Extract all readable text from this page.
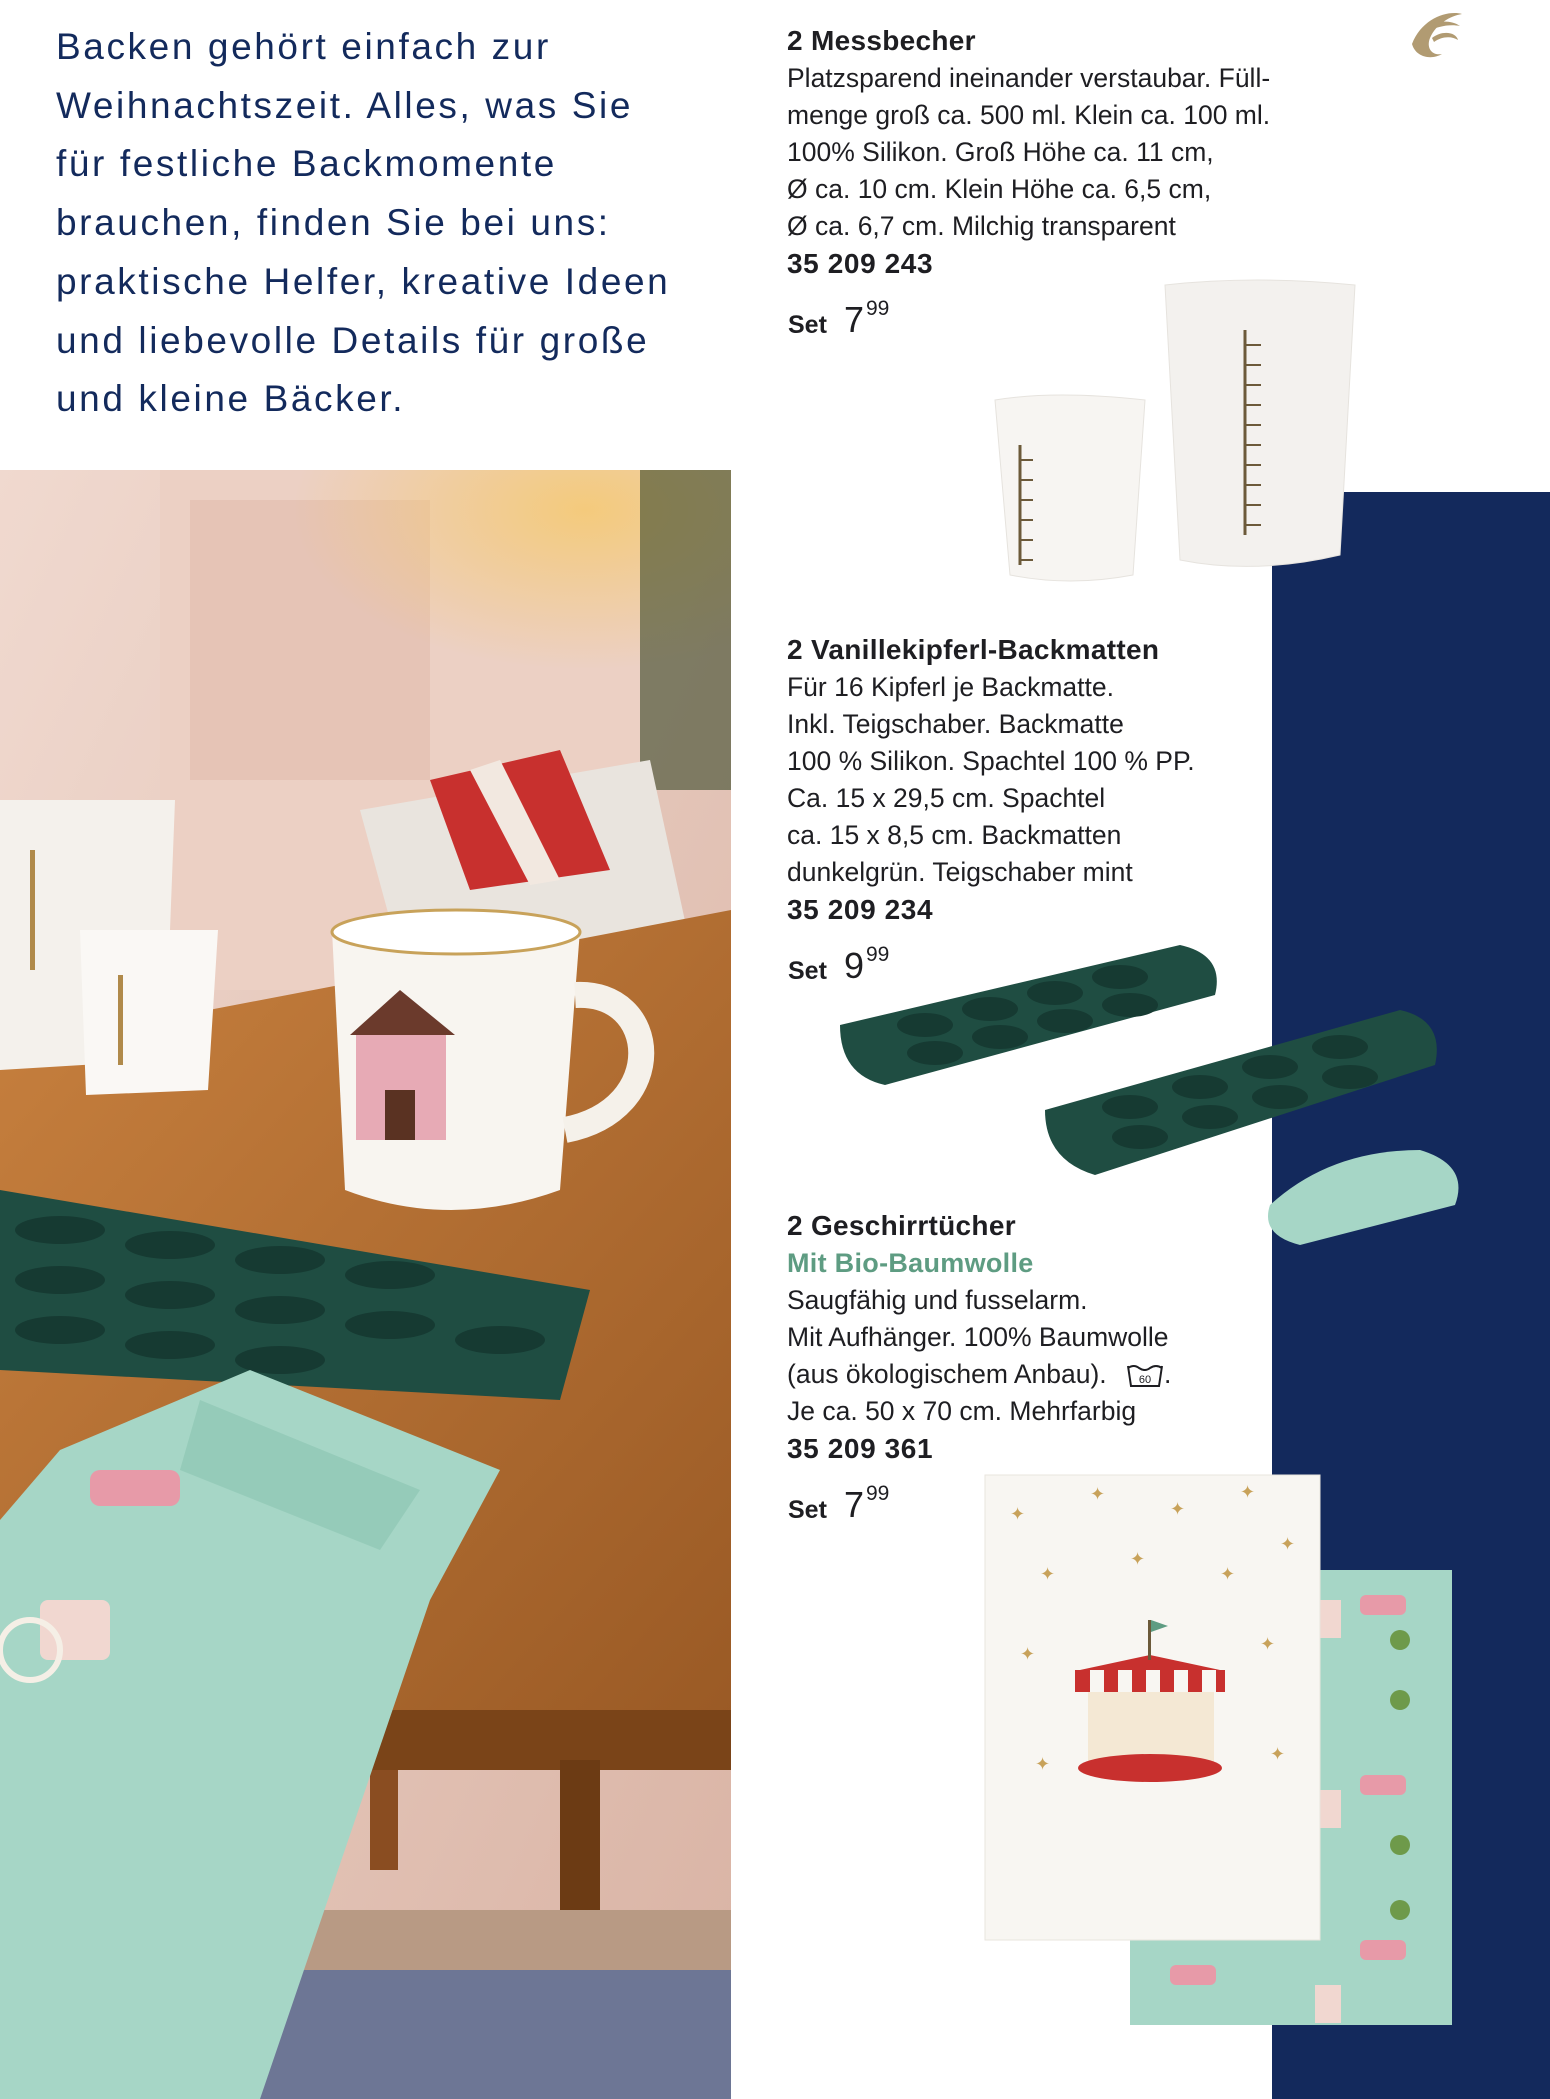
Backen gehört einfach zur
Weihnachtszeit. Alles, was Sie
für festliche Backmomente
brauchen, finden Sie bei uns:
praktische Helfer, kreative Ideen
und liebevolle Details für große
und kleine Bäcker.
2 Messbecher
Platzsparend ineinander verstaubar. Füll-
menge groß ca. 500 ml. Klein ca. 100 ml.
100% Silikon. Groß Höhe ca. 11 cm,
Ø ca. 10 cm. Klein Höhe ca. 6,5 cm,
Ø ca. 6,7 cm. Milchig transparent
35 209 243
Set 7 99
2 Vanillekipferl-Backmatten
Für 16 Kipferl je Backmatte.
Inkl. Teigschaber. Backmatte
100 % Silikon. Spachtel 100 % PP.
Ca. 15 x 29,5 cm. Spachtel
ca. 15 x 8,5 cm. Backmatten
dunkelgrün. Teigschaber mint
35 209 234
Set 9 99
2 Geschirrtücher
Mit Bio-Baumwolle
Saugfähig und fusselarm.
Mit Aufhänger. 100% Baumwolle
(aus ökologischem Anbau).	60 .
Je ca. 50 x 70 cm. Mehrfarbig
35 209 361
Set 7 99
✦
✦
✦
✦
✦
✦
✦
✦
✦	✦
✦	✦
